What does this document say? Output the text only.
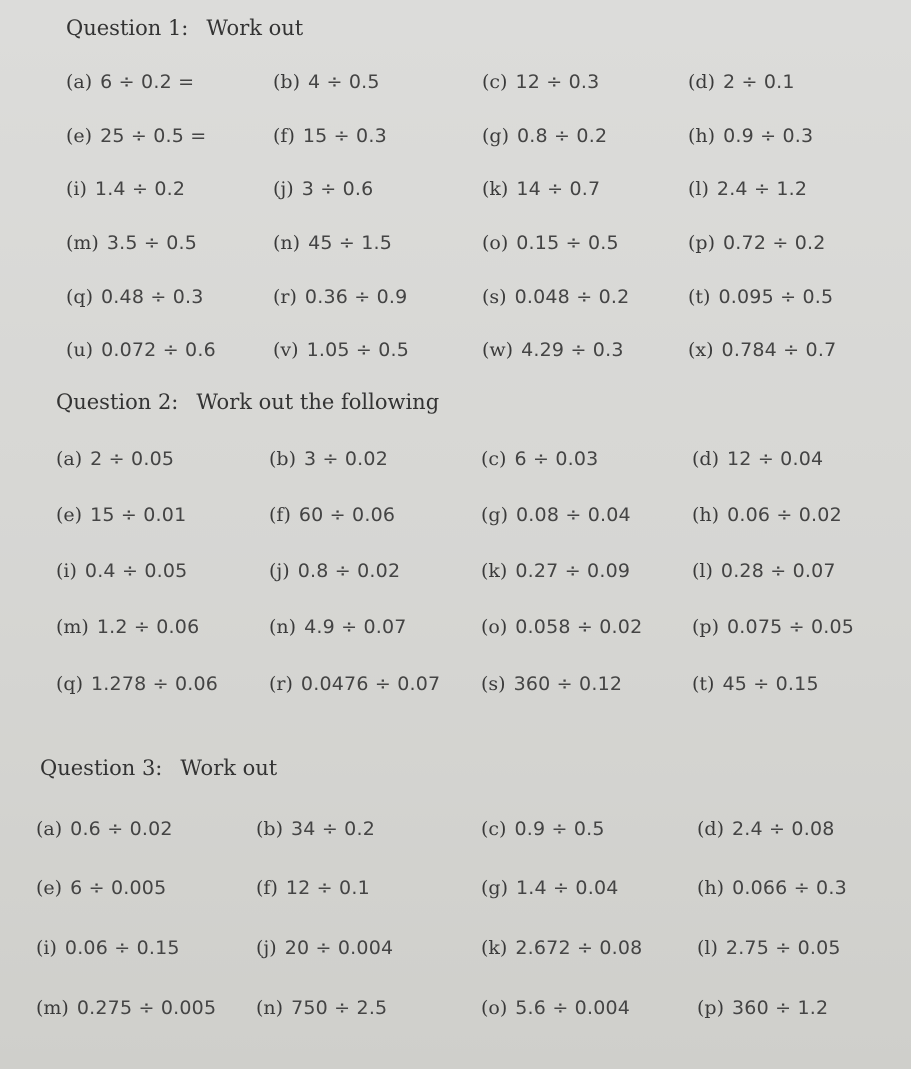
Question 1: Work out
(a) 6 ÷ 0.2 =	(b) 4 ÷ 0.5	(c) 12 ÷ 0.3	(d) 2 ÷ 0.1
(e) 25 ÷ 0.5 =	(f) 15 ÷ 0.3	(g) 0.8 ÷ 0.2	(h) 0.9 ÷ 0.3
(i) 1.4 ÷ 0.2	(j) 3 ÷ 0.6	(k) 14 ÷ 0.7	(l) 2.4 ÷ 1.2
(m) 3.5 ÷ 0.5	(n) 45 ÷ 1.5	(o) 0.15 ÷ 0.5	(p) 0.72 ÷ 0.2
(q) 0.48 ÷ 0.3	(r) 0.36 ÷ 0.9	(s) 0.048 ÷ 0.2	(t) 0.095 ÷ 0.5
(u) 0.072 ÷ 0.6	(v) 1.05 ÷ 0.5	(w) 4.29 ÷ 0.3	(x) 0.784 ÷ 0.7
Question 2: Work out the following
(a) 2 ÷ 0.05	(b) 3 ÷ 0.02	(c) 6 ÷ 0.03	(d) 12 ÷ 0.04
(e) 15 ÷ 0.01	(f) 60 ÷ 0.06	(g) 0.08 ÷ 0.04	(h) 0.06 ÷ 0.02
(i) 0.4 ÷ 0.05	(j) 0.8 ÷ 0.02	(k) 0.27 ÷ 0.09	(l) 0.28 ÷ 0.07
(m) 1.2 ÷ 0.06	(n) 4.9 ÷ 0.07	(o) 0.058 ÷ 0.02	(p) 0.075 ÷ 0.05
(q) 1.278 ÷ 0.06	(r) 0.0476 ÷ 0.07 (s) 360 ÷ 0.12	(t) 45 ÷ 0.15
Question 3: Work out
(a) 0.6 ÷ 0.02	(b) 34 ÷ 0.2	(c) 0.9 ÷ 0.5	(d) 2.4 ÷ 0.08
(e) 6 ÷ 0.005	(f) 12 ÷ 0.1	(g) 1.4 ÷ 0.04	(h) 0.066 ÷ 0.3
(i) 0.06 ÷ 0.15	(j) 20 ÷ 0.004	(k) 2.672 ÷ 0.08	(l) 2.75 ÷ 0.05
(m) 0.275 ÷ 0.005 (n) 750 ÷ 2.5	(o) 5.6 ÷ 0.004	(p) 360 ÷ 1.2
